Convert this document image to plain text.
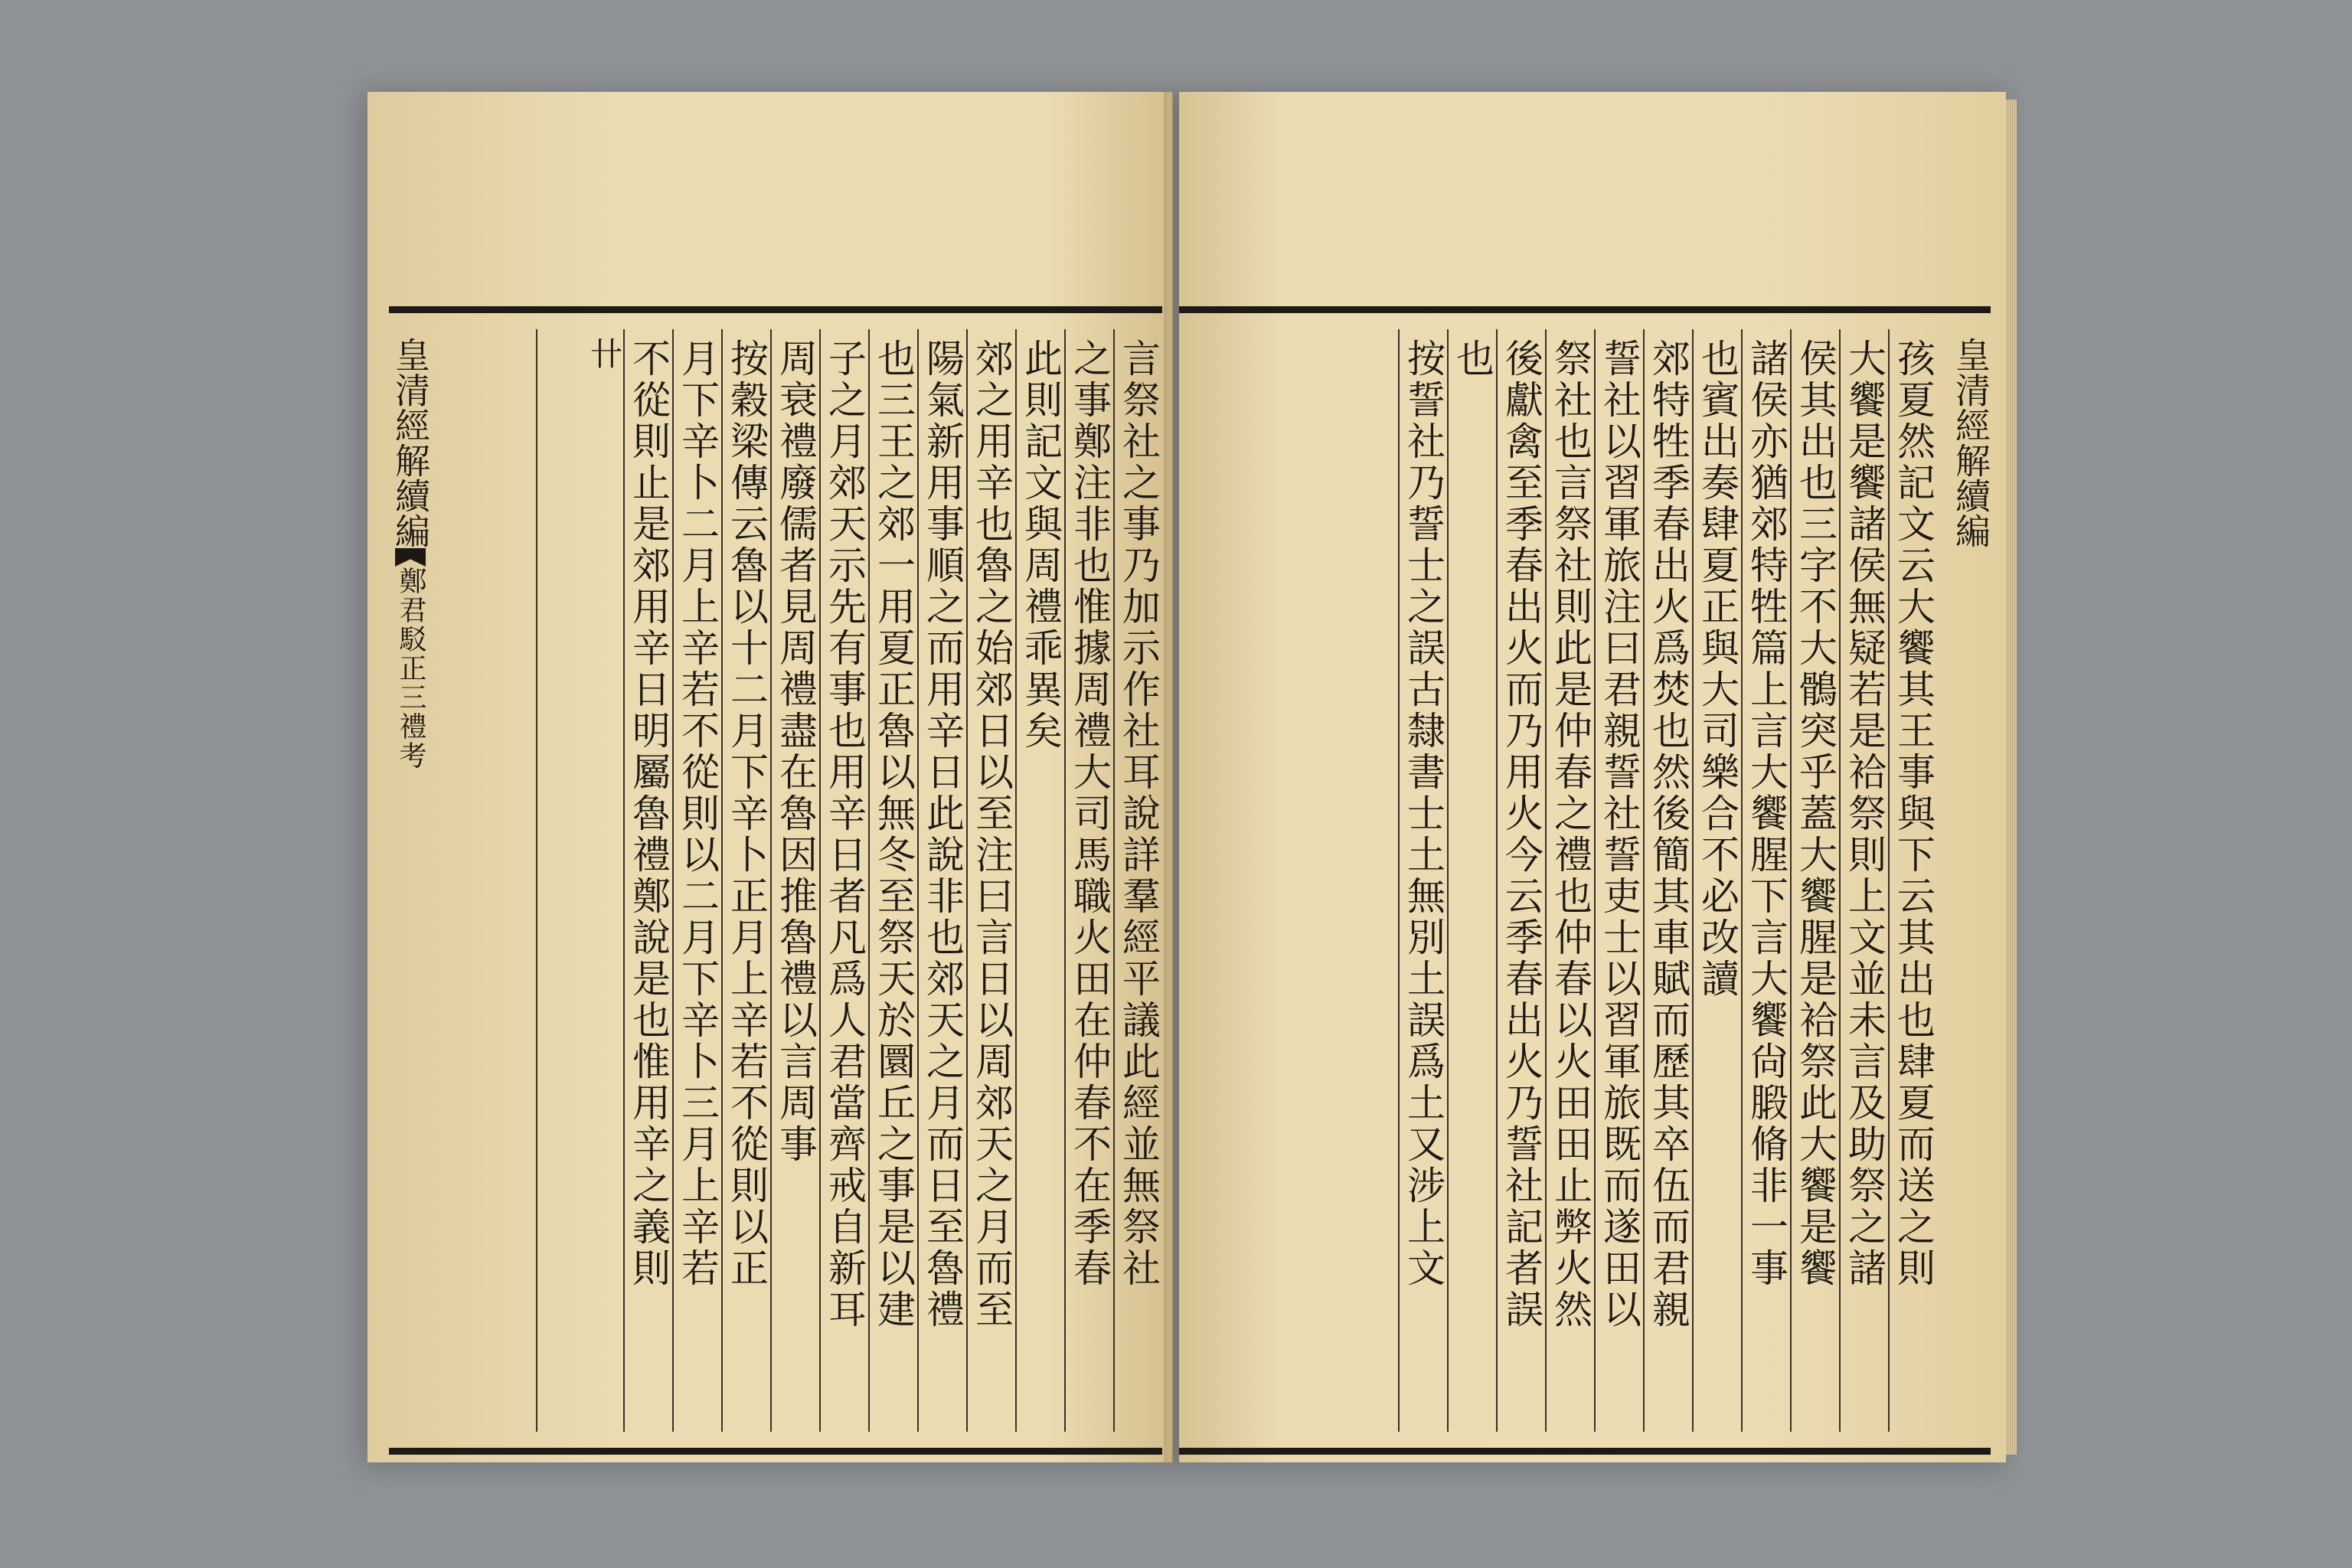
言祭社之事乃加示作社耳說詳羣經平議此經並無祭社
之事鄭注非也惟據周禮大司馬職火田在仲春不在季春
此則記文與周禮乖異矣
郊之用辛也魯之始郊日以至注曰言日以周郊天之月而至
陽氣新用事順之而用辛日此說非也郊天之月而日至魯禮
也三王之郊一用夏正魯以無冬至祭天於圜丘之事是以建
子之月郊天示先有事也用辛日者凡爲人君當齊戒自新耳
周衰禮廢儒者見周禮盡在魯因推魯禮以言周事
按穀梁傳云魯以十二月下辛卜正月上辛若不從則以正
月下辛卜二月上辛若不從則以二月下辛卜三月上辛若
不從則止是郊用辛日明屬魯禮鄭說是也惟用辛之義則
卄	孩夏然記文云大饗其王事與下云其出也肆夏而送之則
大饗是饗諸侯無疑若是袷祭則上文並未言及助祭之諸
侯其出也三字不大鶻突乎蓋大饗腥是袷祭此大饗是饗
諸侯亦猶郊特牲篇上言大饗腥下言大饗尙腶脩非一事
也賓出奏肆夏正與大司樂合不必改讀
郊特牲季春出火爲焚也然後簡其車賦而歷其卒伍而君親
誓社以習軍旅注曰君親誓社誓吏士以習軍旅既而遂田以
祭社也言祭社則此是仲春之禮也仲春以火田田止弊火然
後獻禽至季春出火而乃用火今云季春出火乃誓社記者誤
也
按誓社乃誓士之誤古隸書士土無別土誤爲土又涉上文
皇清經解續編鄭君駁正三禮考
皇清經解續編
